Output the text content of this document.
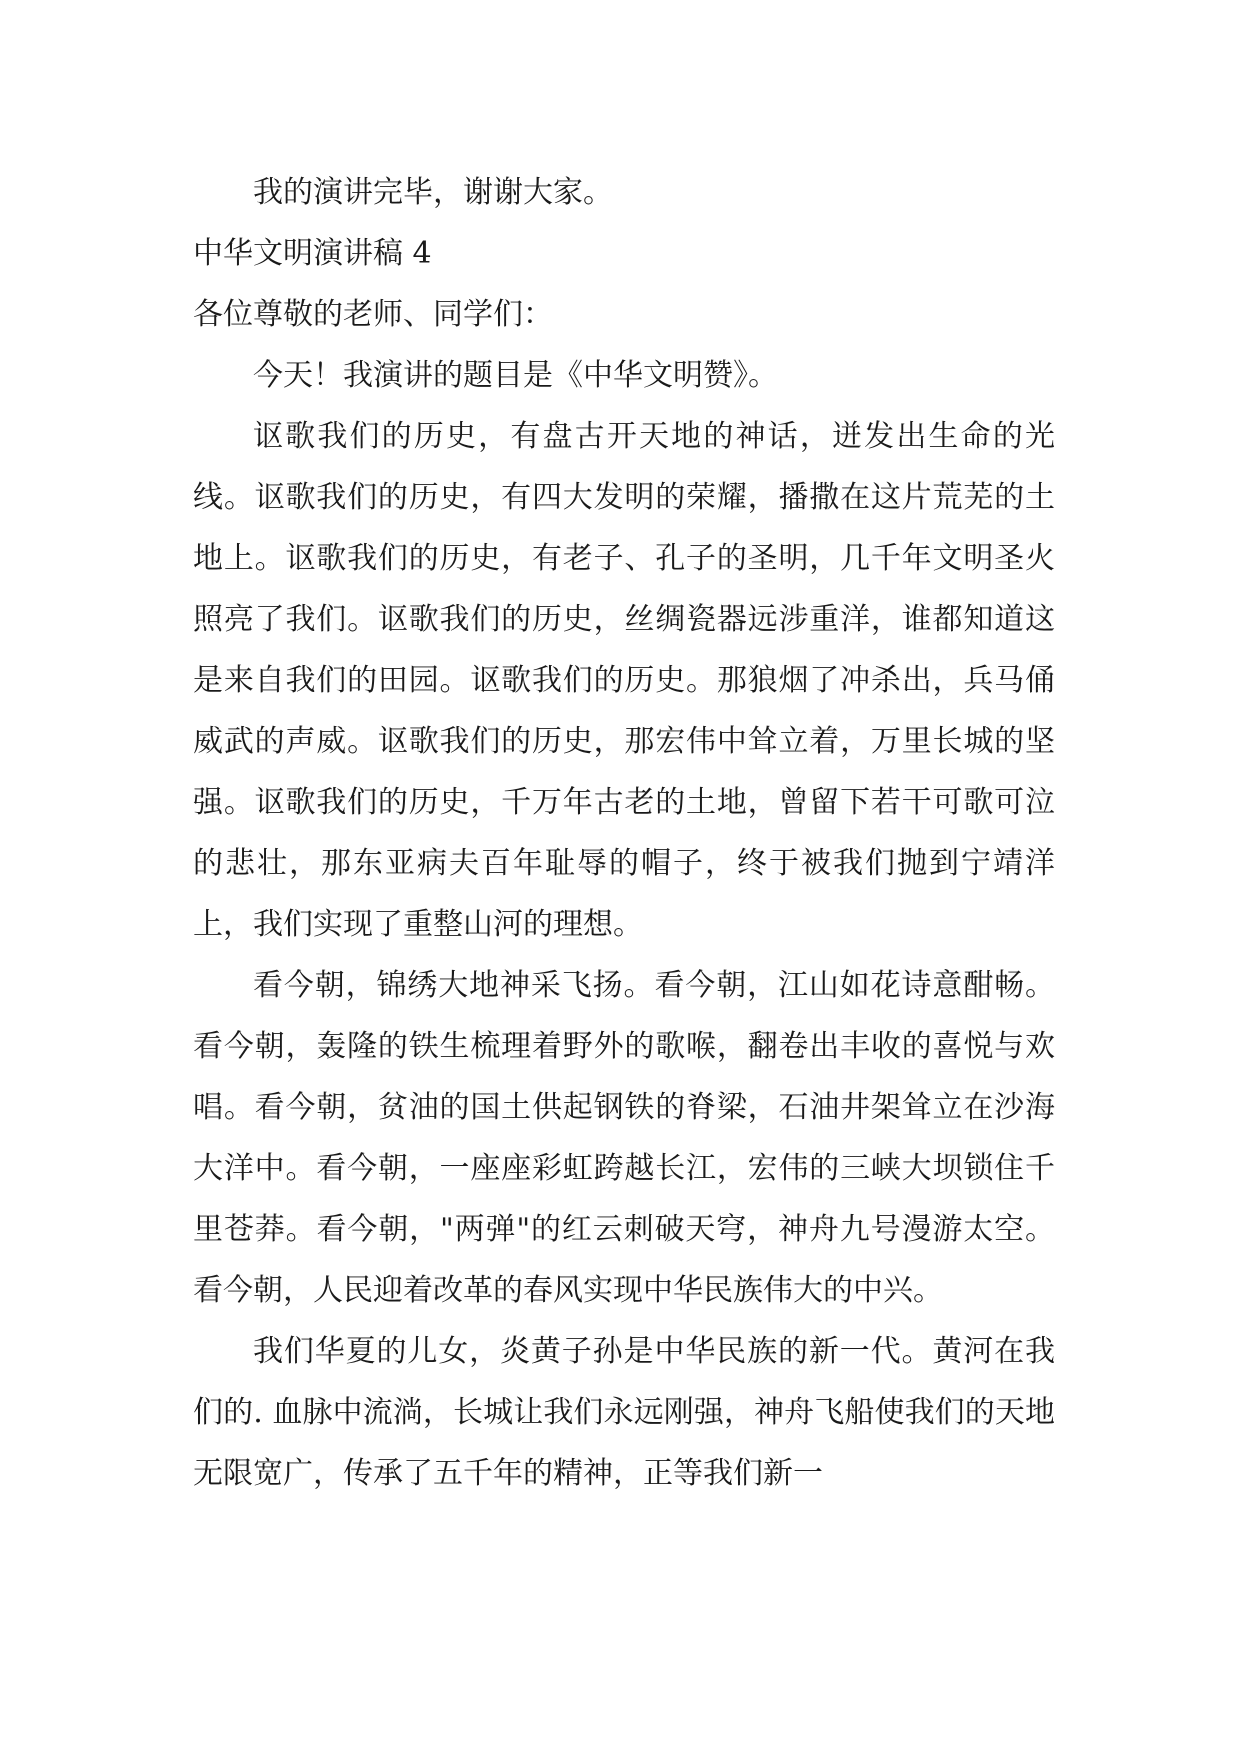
我的演讲完毕，谢谢大家。

中华文明演讲稿 4

各位尊敬的老师、同学们：

今天！我演讲的题目是《中华文明赞》。

讴歌我们的历史，有盘古开天地的神话，迸发出生命的光线。讴歌我们的历史，有四大发明的荣耀，播撒在这片荒芜的土地上。讴歌我们的历史，有老子、孔子的圣明，几千年文明圣火照亮了我们。讴歌我们的历史，丝绸瓷器远涉重洋，谁都知道这是来自我们的田园。讴歌我们的历史。那狼烟了冲杀出，兵马俑威武的声威。讴歌我们的历史，那宏伟中耸立着，万里长城的坚强。讴歌我们的历史，千万年古老的土地，曾留下若干可歌可泣的悲壮，那东亚病夫百年耻辱的帽子，终于被我们抛到宁靖洋上，我们实现了重整山河的理想。

看今朝，锦绣大地神采飞扬。看今朝，江山如花诗意酣畅。看今朝，轰隆的铁生梳理着野外的歌喉，翻卷出丰收的喜悦与欢唱。看今朝，贫油的国土供起钢铁的脊梁，石油井架耸立在沙海大洋中。看今朝，一座座彩虹跨越长江，宏伟的三峡大坝锁住千里苍莽。看今朝，"两弹"的红云刺破天穹，神舟九号漫游太空。看今朝，人民迎着改革的春风实现中华民族伟大的中兴。

我们华夏的儿女，炎黄子孙是中华民族的新一代。黄河在我们的. 血脉中流淌，长城让我们永远刚强，神舟飞船使我们的天地无限宽广，传承了五千年的精神，正等我们新一
